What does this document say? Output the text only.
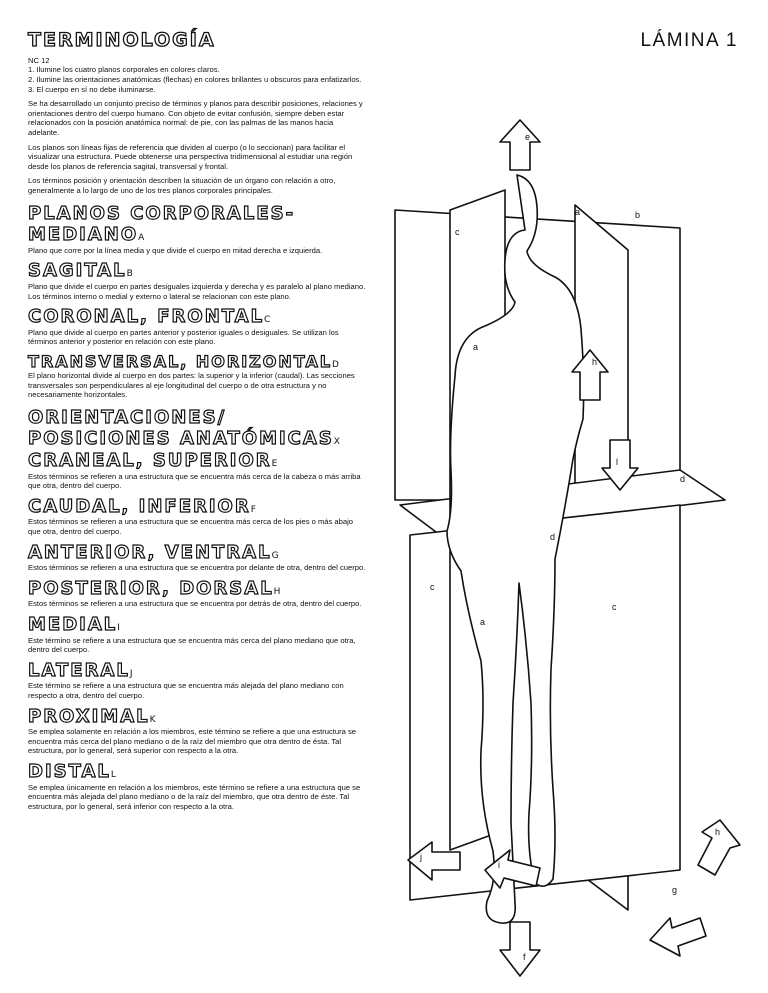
LÁMINA 1
TERMINOLOGÍA

NC 12

1. Ilumine los cuatro planos corporales en colores claros.

2. Ilumine las orientaciones anatómicas (flechas) en colores brillantes u obscuros para enfatizarlos.

3. El cuerpo en sí no debe iluminarse.

Se ha desarrollado un conjunto preciso de términos y planos para describir posiciones, relaciones y orientaciones dentro del cuerpo humano. Con objeto de evitar confusión, siempre deben estar relacionados con la posición anatómica normal: de pie, con las palmas de las manos hacia adelante.

Los planos son líneas fijas de referencia que dividen al cuerpo (o lo seccionan) para facilitar el visualizar una estructura. Puede obtenerse una perspectiva tridimensional al estudiar una región desde los planos de referencia sagital, transversal y frontal.

Los términos posición y orientación describen la situación de un órgano con relación a otro, generalmente a lo largo de uno de los tres planos corporales principales.

PLANOS CORPORALES-
MEDIANOA

Plano que corre por la línea media y que divide el cuerpo en mitad derecha e izquierda.

SAGITALB

Plano que divide el cuerpo en partes desiguales izquierda y derecha y es paralelo al plano mediano. Los términos interno o medial y externo o lateral se relacionan con este plano.

CORONAL, FRONTALC

Plano que divide al cuerpo en partes anterior y posterior iguales o desiguales. Se utilizan los términos anterior y posterior en relación con este plano.

TRANSVERSAL, HORIZONTALD

El plano horizontal divide al cuerpo en dos partes: la superior y la inferior (caudal). Las secciones transversales son perpendiculares al eje longitudinal del cuerpo o de otra estructura y no necesariamente horizontales.

ORIENTACIONES/
POSICIONES ANATÓMICASX
CRANEAL, SUPERIORE

Estos términos se refieren a una estructura que se encuentra más cerca de la cabeza o más arriba que otra, dentro del cuerpo.

CAUDAL, INFERIORF

Estos términos se refieren a una estructura que se encuentra más cerca de los pies o más abajo que otra, dentro del cuerpo.

ANTERIOR, VENTRALG

Estos términos se refieren a una estructura que se encuentra por delante de otra, dentro del cuerpo.

POSTERIOR, DORSALH

Estos términos se refieren a una estructura que se encuentra por detrás de otra, dentro del cuerpo.

MEDIALI

Este término se refiere a una estructura que se encuentra más cerca del plano mediano que otra, dentro del cuerpo.

LATERALJ

Este término se refiere a una estructura que se encuentra más alejada del plano mediano con respecto a otra, dentro del cuerpo.

PROXIMALK

Se emplea solamente en relación a los miembros, este término se refiere a que una estructura se encuentra más cerca del plano mediano o de la raíz del miembro que otra dentro de ésta. Tal estructura, por lo general, será superior con respecto a la otra.

DISTALL

Se emplea únicamente en relación a los miembros, este término se refiere a una estructura que se encuentra más alejada del plano mediano o de la raíz del miembro, que otra dentro de éste. Tal estructura, por lo general, será inferior con respecto a la otra.

e
f
c
a	b
a
h
l
d
d
c
c
a
h
g
i
j
